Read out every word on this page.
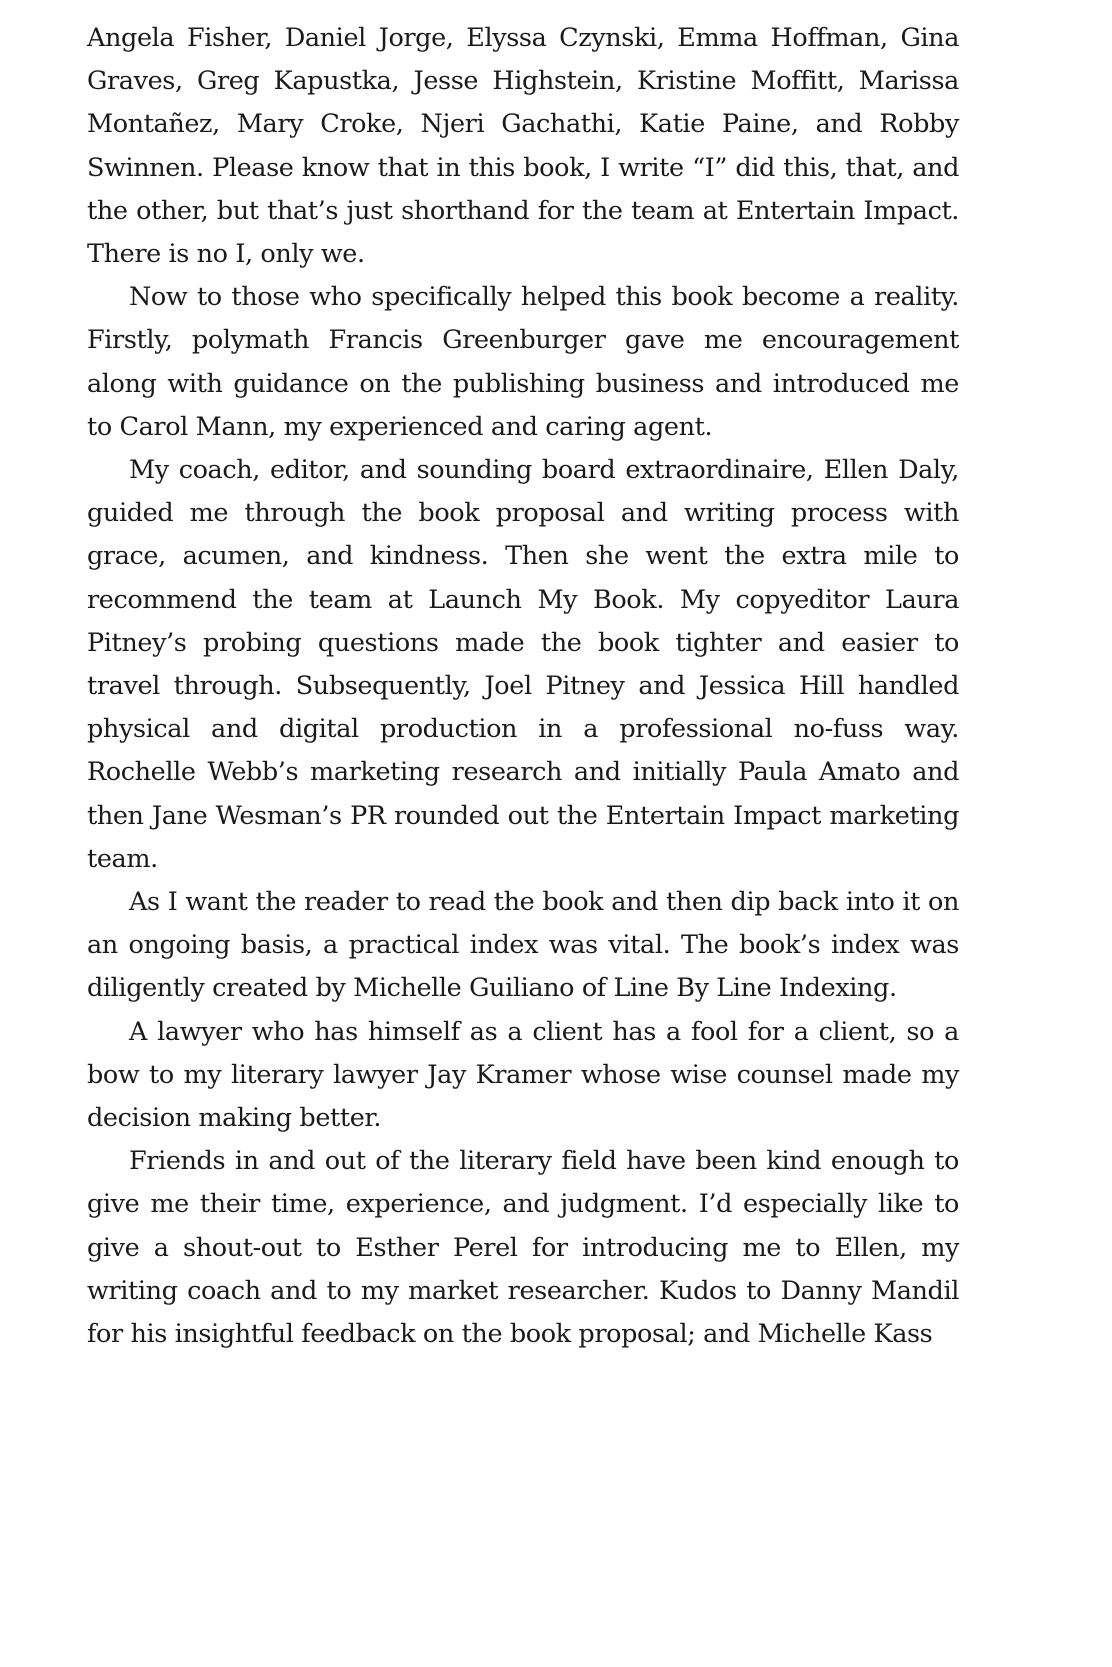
Angela Fisher, Daniel Jorge, Elyssa Czynski, Emma Hoffman, Gina Graves, Greg Kapustka, Jesse Highstein, Kristine Moffitt, Marissa Montañez, Mary Croke, Njeri Gachathi, Katie Paine, and Robby Swinnen. Please know that in this book, I write “I” did this, that, and the other, but that’s just shorthand for the team at Entertain Impact. There is no I, only we.

Now to those who specifically helped this book become a reality. Firstly, polymath Francis Greenburger gave me encouragement along with guidance on the publishing business and introduced me to Carol Mann, my experienced and caring agent.

My coach, editor, and sounding board extraordinaire, Ellen Daly, guided me through the book proposal and writing process with grace, acumen, and kindness. Then she went the extra mile to recommend the team at Launch My Book. My copyeditor Laura Pitney’s probing questions made the book tighter and easier to travel through. Subsequently, Joel Pitney and Jessica Hill handled physical and digital production in a professional no-fuss way. Rochelle Webb’s marketing research and initially Paula Amato and then Jane Wesman’s PR rounded out the Entertain Impact marketing team.

As I want the reader to read the book and then dip back into it on an ongoing basis, a practical index was vital. The book’s index was diligently created by Michelle Guiliano of Line By Line Indexing.

A lawyer who has himself as a client has a fool for a client, so a bow to my literary lawyer Jay Kramer whose wise counsel made my decision making better.

Friends in and out of the literary field have been kind enough to give me their time, experience, and judgment. I’d especially like to give a shout-out to Esther Perel for introducing me to Ellen, my writing coach and to my market researcher. Kudos to Danny Mandil for his insightful feedback on the book proposal; and Michelle Kass
